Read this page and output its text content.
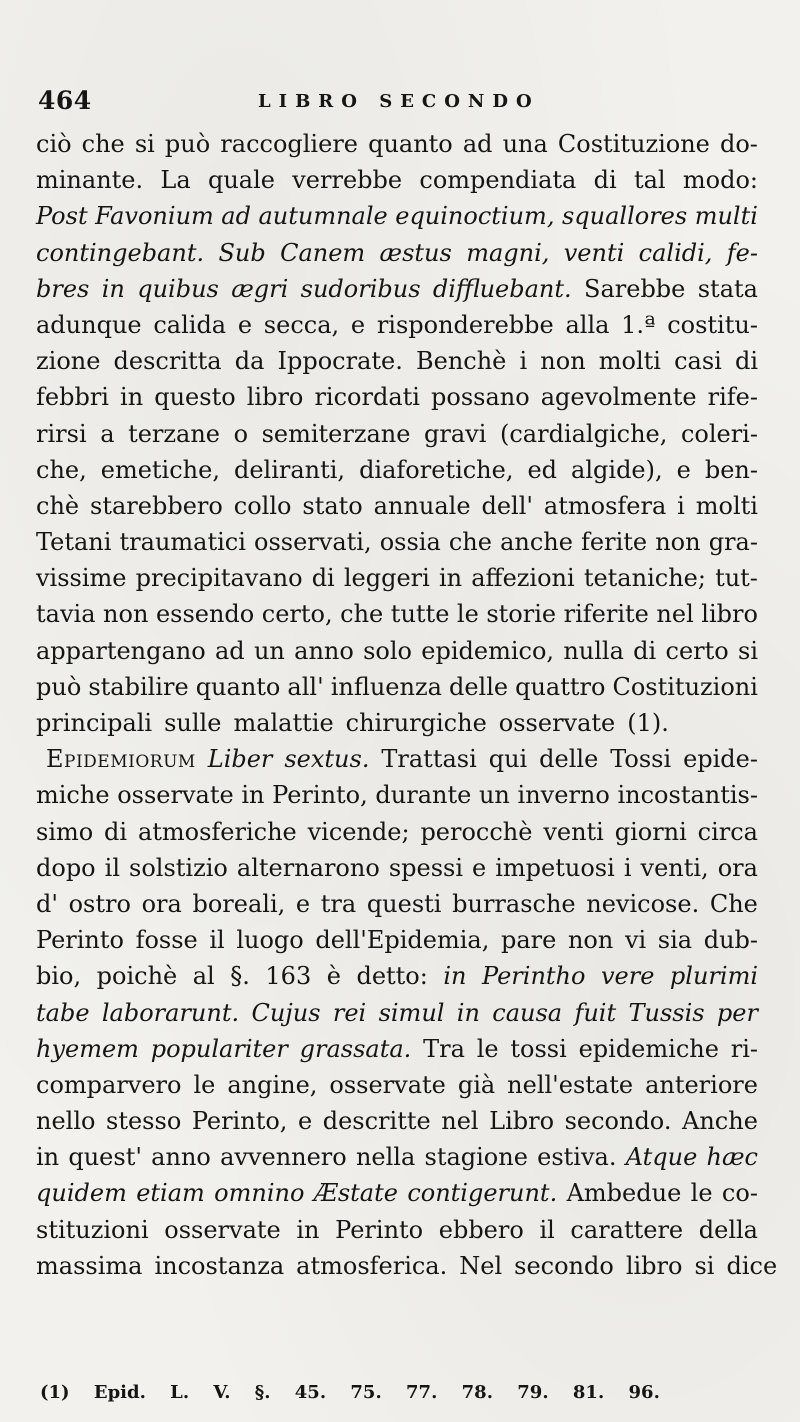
464	LIBRO SECONDO
ciò che si può raccogliere quanto ad una Costituzione do-
minante. La quale verrebbe compendiata di tal modo:
Post Favonium ad autumnale equinoctium, squallores multi
contingebant. Sub Canem æstus magni, venti calidi, fe-
bres in quibus ægri sudoribus diffluebant. Sarebbe stata
adunque calida e secca, e risponderebbe alla 1.ª costitu-
zione descritta da Ippocrate. Benchè i non molti casi di
febbri in questo libro ricordati possano agevolmente rife-
rirsi a terzane o semiterzane gravi (cardialgiche, coleri-
che, emetiche, deliranti, diaforetiche, ed algide), e ben-
chè starebbero collo stato annuale dell' atmosfera i molti
Tetani traumatici osservati, ossia che anche ferite non gra-
vissime precipitavano di leggeri in affezioni tetaniche; tut-
tavia non essendo certo, che tutte le storie riferite nel libro
appartengano ad un anno solo epidemico, nulla di certo si
può stabilire quanto all' influenza delle quattro Costituzioni
principali sulle malattie chirurgiche osservate (1).
Epidemiorum Liber sextus. Trattasi qui delle Tossi epide-
miche osservate in Perinto, durante un inverno incostantis-
simo di atmosferiche vicende; perocchè venti giorni circa
dopo il solstizio alternarono spessi e impetuosi i venti, ora
d' ostro ora boreali, e tra questi burrasche nevicose. Che
Perinto fosse il luogo dell'Epidemia, pare non vi sia dub-
bio, poichè al §. 163 è detto: in Perintho vere plurimi
tabe laborarunt. Cujus rei simul in causa fuit Tussis per
hyemem populariter grassata. Tra le tossi epidemiche ri-
comparvero le angine, osservate già nell'estate anteriore
nello stesso Perinto, e descritte nel Libro secondo. Anche
in quest' anno avvennero nella stagione estiva. Atque hæc
quidem etiam omnino Æstate contigerunt. Ambedue le co-
stituzioni osservate in Perinto ebbero il carattere della
massima incostanza atmosferica. Nel secondo libro si dice
(1) Epid. L. V. §. 45. 75. 77. 78. 79. 81. 96.
